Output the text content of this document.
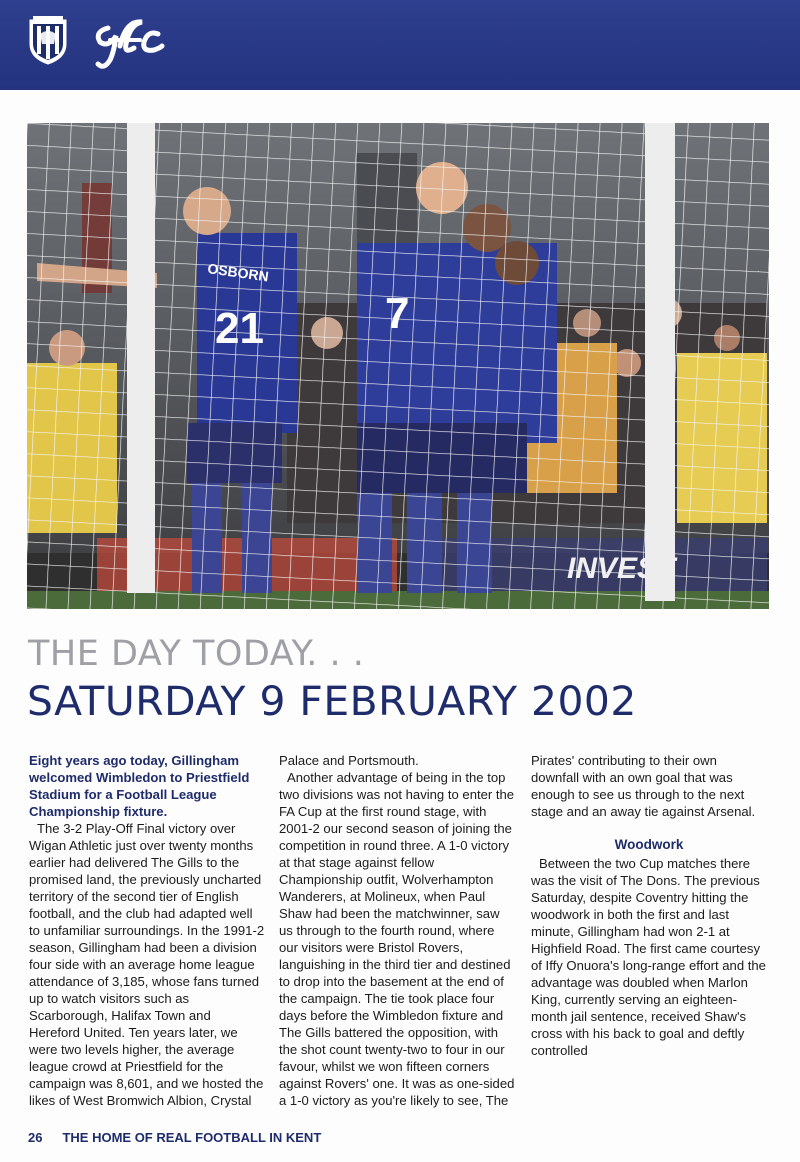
THE DAY TODAY. . .
SATURDAY 9 FEBRUARY 2002

Eight years ago today, Gillingham welcomed Wimbledon to Priestfield Stadium for a Football League Championship fixture.

The 3-2 Play-Off Final victory over Wigan Athletic just over twenty months earlier had delivered The Gills to the promised land, the previously uncharted territory of the second tier of English football, and the club had adapted well to unfamiliar surroundings. In the 1991-2 season, Gillingham had been a division four side with an average home league attendance of 3,185, whose fans turned up to watch visitors such as Scarborough, Halifax Town and Hereford United. Ten years later, we were two levels higher, the average league crowd at Priestfield for the campaign was 8,601, and we hosted the likes of West Bromwich Albion, Crystal

Palace and Portsmouth.

Another advantage of being in the top two divisions was not having to enter the FA Cup at the first round stage, with 2001-2 our second season of joining the competition in round three. A 1-0 victory at that stage against fellow Championship outfit, Wolverhampton Wanderers, at Molineux, when Paul Shaw had been the matchwinner, saw us through to the fourth round, where our visitors were Bristol Rovers, languishing in the third tier and destined to drop into the basement at the end of the campaign. The tie took place four days before the Wimbledon fixture and The Gills battered the opposition, with the shot count twenty-two to four in our favour, whilst we won fifteen corners against Rovers' one. It was as one-sided a 1-0 victory as you're likely to see, The

Pirates' contributing to their own downfall with an own goal that was enough to see us through to the next stage and an away tie against Arsenal.

Woodwork

Between the two Cup matches there was the visit of The Dons. The previous Saturday, despite Coventry hitting the woodwork in both the first and last minute, Gillingham had won 2-1 at Highfield Road. The first came courtesy of Iffy Onuora's long-range effort and the advantage was doubled when Marlon King, currently serving an eighteen-month jail sentence, received Shaw's cross with his back to goal and deftly controlled

26 THE HOME OF REAL FOOTBALL IN KENT
